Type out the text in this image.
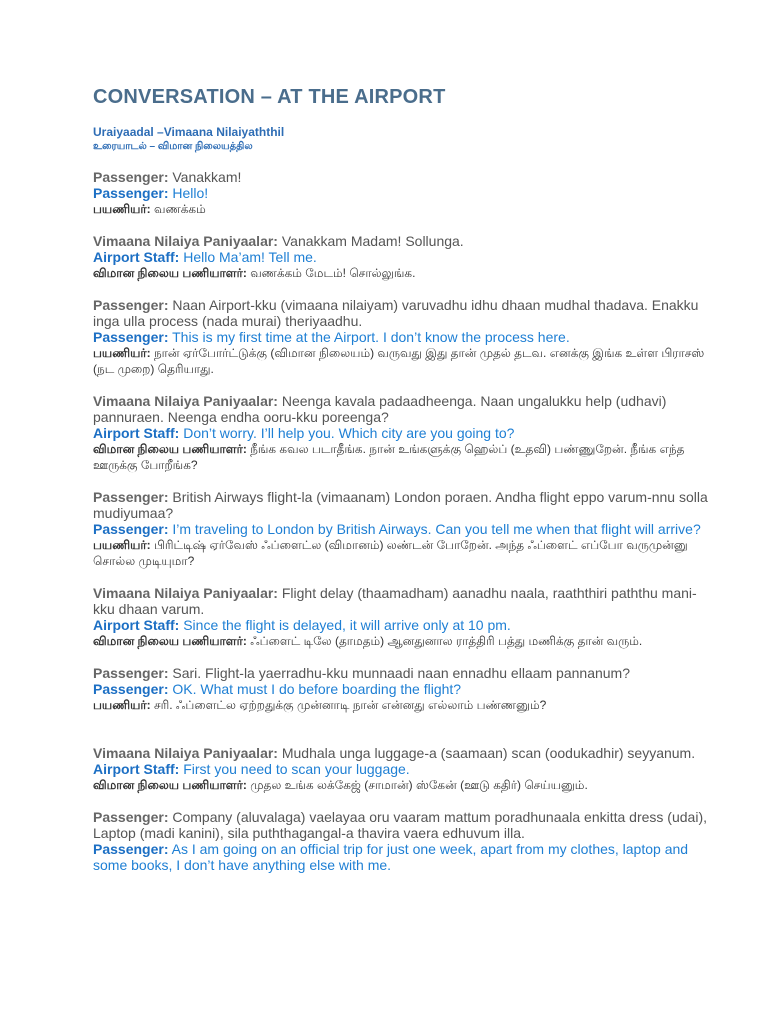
CONVERSATION – AT THE AIRPORT

Uraiyaadal –Vimaana Nilaiyaththil

உரையாடல் – விமான நிலையத்தில

Passenger: Vanakkam!

Passenger: Hello!

பயணியர்: வணக்கம்

Vimaana Nilaiya Paniyaalar: Vanakkam Madam! Sollunga.

Airport Staff: Hello Ma’am! Tell me.

விமான நிலைய பணியாளர்: வணக்கம் மேடம்! சொல்லுங்க.

Passenger: Naan Airport-kku (vimaana nilaiyam) varuvadhu idhu dhaan mudhal thadava. Enakku inga ulla process (nada murai) theriyaadhu.

Passenger: This is my first time at the Airport. I don’t know the process here.

பயணியர்: நான் ஏர்போர்ட்டுக்கு (விமான நிலையம்) வருவது இது தான் முதல் தடவ. எனக்கு இங்க உள்ள பிராசஸ் (நட முறை) தெரியாது.

Vimaana Nilaiya Paniyaalar: Neenga kavala padaadheenga. Naan ungalukku help (udhavi) pannuraen. Neenga endha ooru-kku poreenga?

Airport Staff: Don’t worry. I’ll help you. Which city are you going to?

விமான நிலைய பணியாளர்: நீங்க கவல படாதீங்க. நான் உங்களுக்கு ஹெல்ப் (உதவி) பண்ணுறேன். நீங்க எந்த ஊருக்கு போறீங்க?

Passenger: British Airways flight-la (vimaanam) London poraen. Andha flight eppo varum-nnu solla mudiyumaa?

Passenger: I’m traveling to London by British Airways. Can you tell me when that flight will arrive?

பயணியர்: பிரிட்டிஷ் ஏர்வேஸ் ஃப்ளைட்ல (விமானம்) லண்டன் போறேன். அந்த ஃப்ளைட் எப்போ வருமுன்னு சொல்ல முடியுமா?

Vimaana Nilaiya Paniyaalar: Flight delay (thaamadham) aanadhu naala, raaththiri paththu mani-kku dhaan varum.

Airport Staff: Since the flight is delayed, it will arrive only at 10 pm.

விமான நிலைய பணியாளர்: ஃப்ளைட் டிலே (தாமதம்) ஆனதுனால ராத்திரி பத்து மணிக்கு தான் வரும்.

Passenger: Sari. Flight-la yaerradhu-kku munnaadi naan ennadhu ellaam pannanum?

Passenger: OK. What must I do before boarding the flight?

பயணியர்: சரி. ஃப்ளைட்ல ஏற்றதுக்கு முன்னாடி நான் என்னது எல்லாம் பண்ணனும்?

Vimaana Nilaiya Paniyaalar: Mudhala unga luggage-a (saamaan) scan (oodukadhir) seyyanum.

Airport Staff: First you need to scan your luggage.

விமான நிலைய பணியாளர்: முதல உங்க லக்கேஜ் (சாமான்) ஸ்கேன் (ஊடு கதிர்) செய்யனும்.

Passenger: Company (aluvalaga) vaelayaa oru vaaram mattum poradhunaala enkitta dress (udai), Laptop (madi kanini), sila puththagangal-a thavira vaera edhuvum illa.

Passenger: As I am going on an official trip for just one week, apart from my clothes, laptop and some books, I don’t have anything else with me.
